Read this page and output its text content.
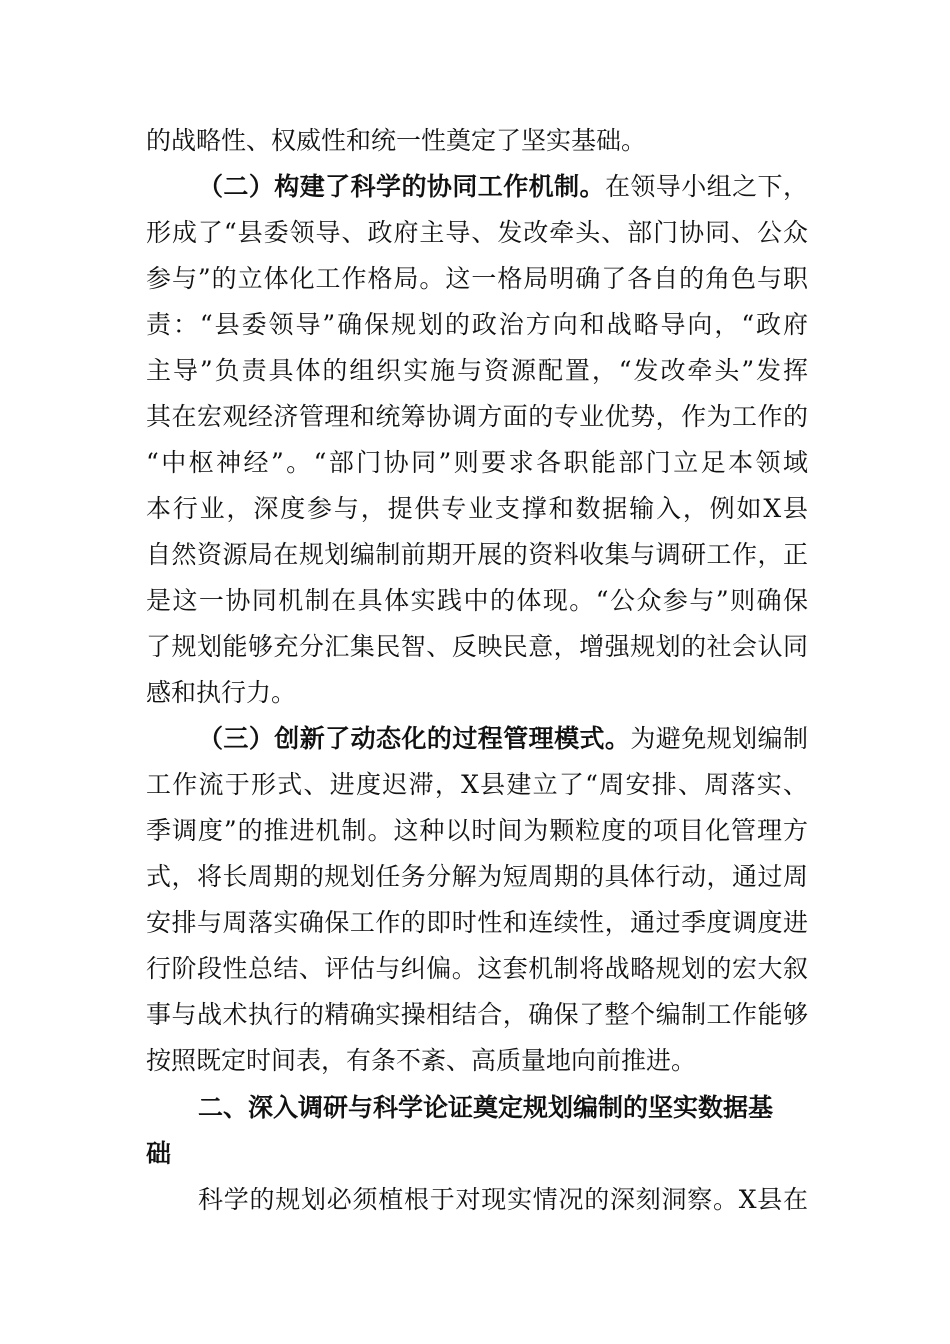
的战略性、权威性和统一性奠定了坚实基础。
（二）构建了科学的协同工作机制。在领导小组之下，
形成了“县委领导、政府主导、发改牵头、部门协同、公众
参与”的立体化工作格局。这一格局明确了各自的角色与职
责：“县委领导”确保规划的政治方向和战略导向，“政府
主导”负责具体的组织实施与资源配置，“发改牵头”发挥
其在宏观经济管理和统筹协调方面的专业优势，作为工作的
“中枢神经”。“部门协同”则要求各职能部门立足本领域
本行业，深度参与，提供专业支撑和数据输入，例如X县
自然资源局在规划编制前期开展的资料收集与调研工作，正
是这一协同机制在具体实践中的体现。“公众参与”则确保
了规划能够充分汇集民智、反映民意，增强规划的社会认同
感和执行力。
（三）创新了动态化的过程管理模式。为避免规划编制
工作流于形式、进度迟滞，X县建立了“周安排、周落实、
季调度”的推进机制。这种以时间为颗粒度的项目化管理方
式，将长周期的规划任务分解为短周期的具体行动，通过周
安排与周落实确保工作的即时性和连续性，通过季度调度进
行阶段性总结、评估与纠偏。这套机制将战略规划的宏大叙
事与战术执行的精确实操相结合，确保了整个编制工作能够
按照既定时间表，有条不紊、高质量地向前推进。
二、深入调研与科学论证奠定规划编制的坚实数据基
础
科学的规划必须植根于对现实情况的深刻洞察。X县在
